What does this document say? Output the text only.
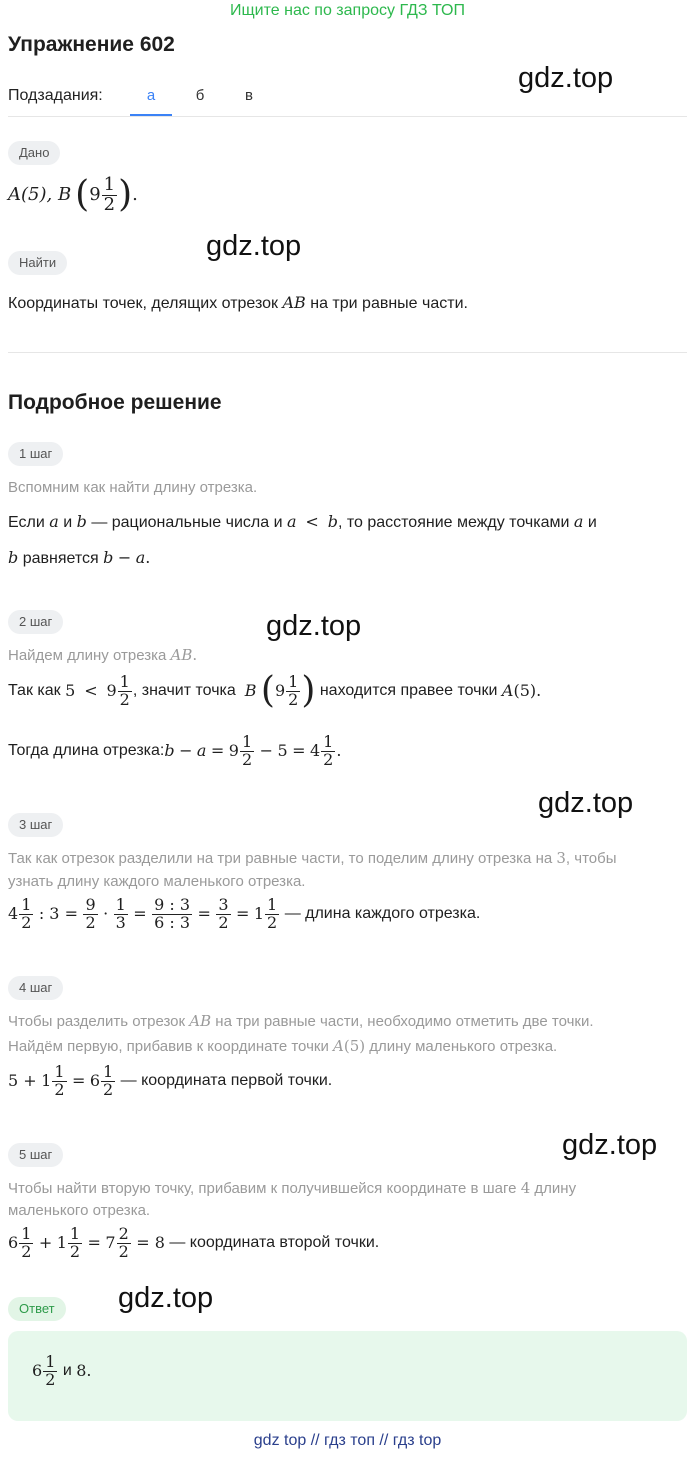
Ищите нас по запросу ГДЗ ТОП
Упражнение 602
Подзадания:	а	б	в
gdz.top
gdz.top
gdz.top
gdz.top
gdz.top
gdz.top
Дано
A(5), B ( $9 \frac{1}{2}$ ) .
Найти
Координаты точек, делящих отрезок AB на три равные части.
Подробное решение
1 шаг
Вспомним как найти длину отрезка.
Если a и b — рациональные числа и a < b, то расстояние между точками a и
b равняется b − a.
2 шаг
Найдем длину отрезка AB.
Так как
5
<
$9 \frac{1}{2}$ , значит точка
B
( $9 \frac{1}{2}$ )
находится правее точки
A (5).
Тогда длина отрезка: b
−
a
=
$9 \frac{1}{2}$
−
5
=
$4 \frac{1}{2}$ .
3 шаг
Так как отрезок разделили на три равные части, то поделим длину отрезка на 3, чтобы
узнать длину каждого маленького отрезка.
$4 \frac{1}{2}$
: 3 =
$\frac{9}{2}$
·
$\frac{1}{3}$
=
$\frac{9 : 3}{6 : 3}$
=
$\frac{3}{2}$
=
$1 \frac{1}{2}$
— длина каждого отрезка.
4 шаг
Чтобы разделить отрезок AB на три равные части, необходимо отметить две точки.
Найдём первую, прибавив к координате точки A(5) длину маленького отрезка.
5 +
$1 \frac{1}{2}$
=
$6 \frac{1}{2}$
— координата первой точки.
5 шаг
Чтобы найти вторую точку, прибавим к получившейся координате в шаге 4 длину
маленького отрезка.
$6 \frac{1}{2}$
+
$1 \frac{1}{2}$
=
$7 \frac{2}{2}$
= 8
— координата второй точки.
Ответ
$6 \frac{1}{2}$
и
8.
gdz top // гдз топ // гдз top
